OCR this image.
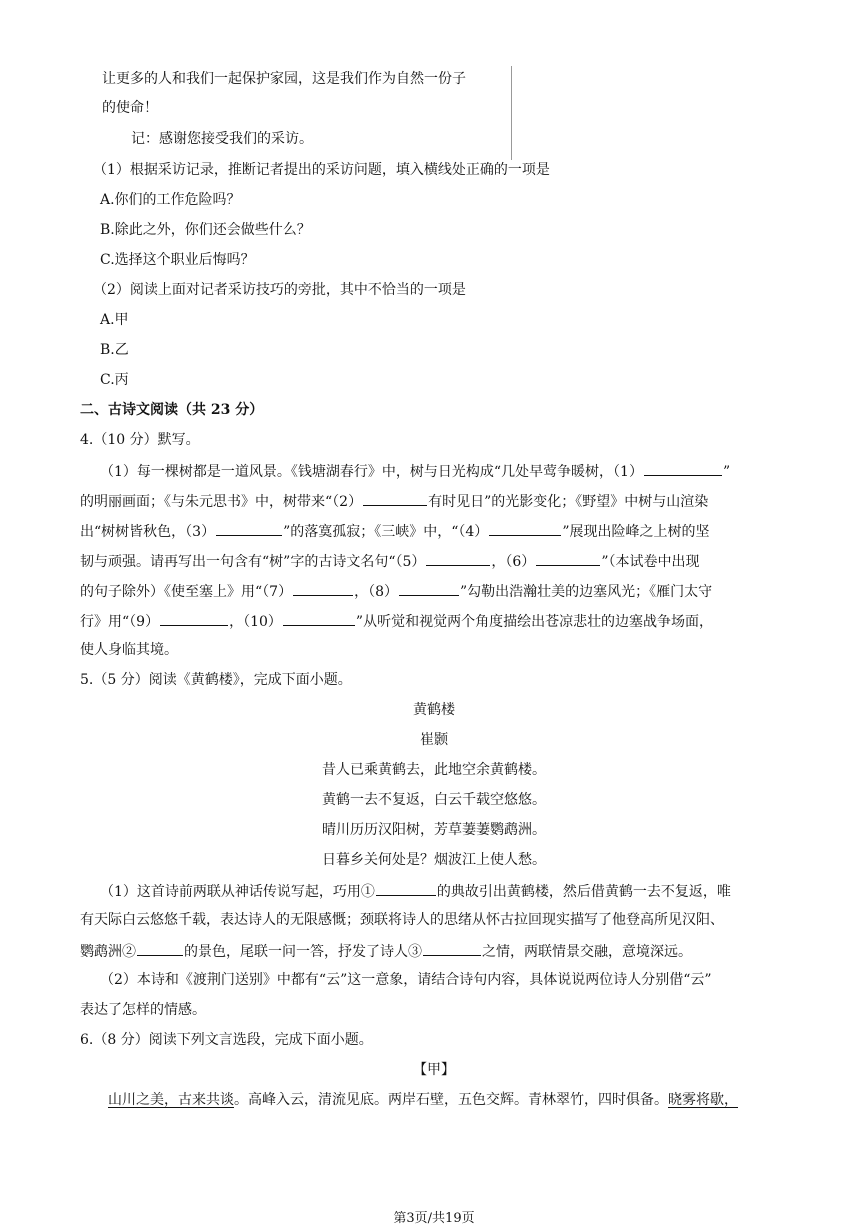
让更多的人和我们一起保护家园，这是我们作为自然一份子
的使命！
记：感谢您接受我们的采访。
（1）根据采访记录，推断记者提出的采访问题，填入横线处正确的一项是
A.你们的工作危险吗？
B.除此之外，你们还会做些什么？
C.选择这个职业后悔吗？
（2）阅读上面对记者采访技巧的旁批，其中不恰当的一项是
A.甲
B.乙
C.丙
二、古诗文阅读（共 23 分）
4.（10 分）默写。
（1）每一棵树都是一道风景。《钱塘湖春行》中，树与日光构成“几处早莺争暖树，（1）	”
的明丽画面；《与朱元思书》中，树带来“（2）	有时见日”的光影变化；《野望》中树与山渲染
出“树树皆秋色，（3）	”的落寞孤寂；《三峡》中，“（4）	”展现出险峰之上树的坚
韧与顽强。请再写出一句含有“树”字的古诗文名句“（5）	，（6）	”（本试卷中出现
的句子除外）《使至塞上》用“（7）	，（8）	”勾勒出浩瀚壮美的边塞风光；《雁门太守
行》用“（9）	，（10）	”从听觉和视觉两个角度描绘出苍凉悲壮的边塞战争场面，
使人身临其境。
5.（5 分）阅读《黄鹤楼》，完成下面小题。
黄鹤楼
崔颢
昔人已乘黄鹤去，此地空余黄鹤楼。
黄鹤一去不复返，白云千载空悠悠。
晴川历历汉阳树，芳草萋萋鹦鹉洲。
日暮乡关何处是？烟波江上使人愁。
（1）这首诗前两联从神话传说写起，巧用①	的典故引出黄鹤楼，然后借黄鹤一去不复返，唯
有天际白云悠悠千载，表达诗人的无限感慨；颈联将诗人的思绪从怀古拉回现实描写了他登高所见汉阳、
鹦鹉洲②	的景色，尾联一问一答，抒发了诗人③	之情，两联情景交融，意境深远。
（2）本诗和《渡荆门送别》中都有“云”这一意象，请结合诗句内容，具体说说两位诗人分别借“云”
表达了怎样的情感。
6.（8 分）阅读下列文言选段，完成下面小题。
【甲】
山川之美，古来共谈。高峰入云，清流见底。两岸石壁，五色交辉。青林翠竹，四时俱备。晓雾将歇，
第3页/共19页
